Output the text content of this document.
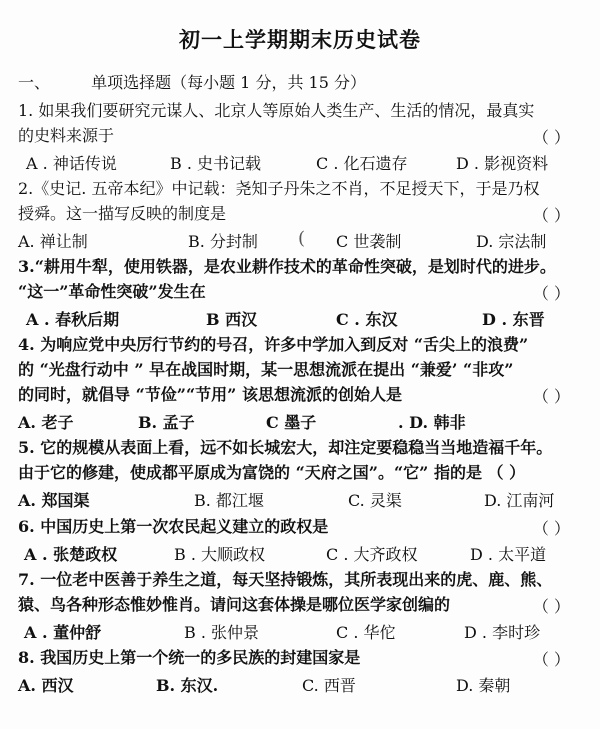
初一上学期期末历史试卷
一、	单项选择题（每小题 1 分，共 15 分）
1. 如果我们要研究元谋人、北京人等原始人类生产、生活的情况，最真实
的史料来源于	（ ）
A . 神话传说	B . 史书记载	C . 化石遗存	D . 影视资料
2.《史记. 五帝本纪》中记载：尧知子丹朱之不肖，不足授天下，于是乃权
授舜。这一描写反映的制度是	（ ）
A. 禅让制	B. 分封制	C 世袭制	D. 宗法制
(
3.“耕用牛犁，使用铁器，是农业耕作技术的革命性突破，是划时代的进步。
“这一”革命性突破”发生在	（ ）
A . 春秋后期	B 西汉	C . 东汉	D . 东晋
4. 为响应党中央厉行节约的号召，许多中学加入到反对 “舌尖上的浪费”
的 “光盘行动中 ” 早在战国时期，某一思想流派在提出 “兼爱’ “非攻”
的同时，就倡导 “节俭”“节用” 该思想流派的创始人是	（ ）
A. 老子	B. 孟子	C 墨子	. D. 韩非
5. 它的规模从表面上看，远不如长城宏大，却注定要稳稳当当地造福千年。
由于它的修建，使成都平原成为富饶的 “天府之国”。“它” 指的是 （ ）
A. 郑国渠	B. 都江堰	C. 灵渠	D. 江南河
6. 中国历史上第一次农民起义建立的政权是	（ ）
A . 张楚政权	B . 大顺政权	C . 大齐政权	D . 太平道
7. 一位老中医善于养生之道，每天坚持锻炼，其所表现出来的虎、鹿、熊、
猿、鸟各种形态惟妙惟肖。请问这套体操是哪位医学家创编的	（ ）
A . 董仲舒	B . 张仲景	C . 华佗	D . 李时珍
8. 我国历史上第一个统一的多民族的封建国家是	（ ）
A. 西汉	B. 东汉.	C. 西晋	D. 秦朝
